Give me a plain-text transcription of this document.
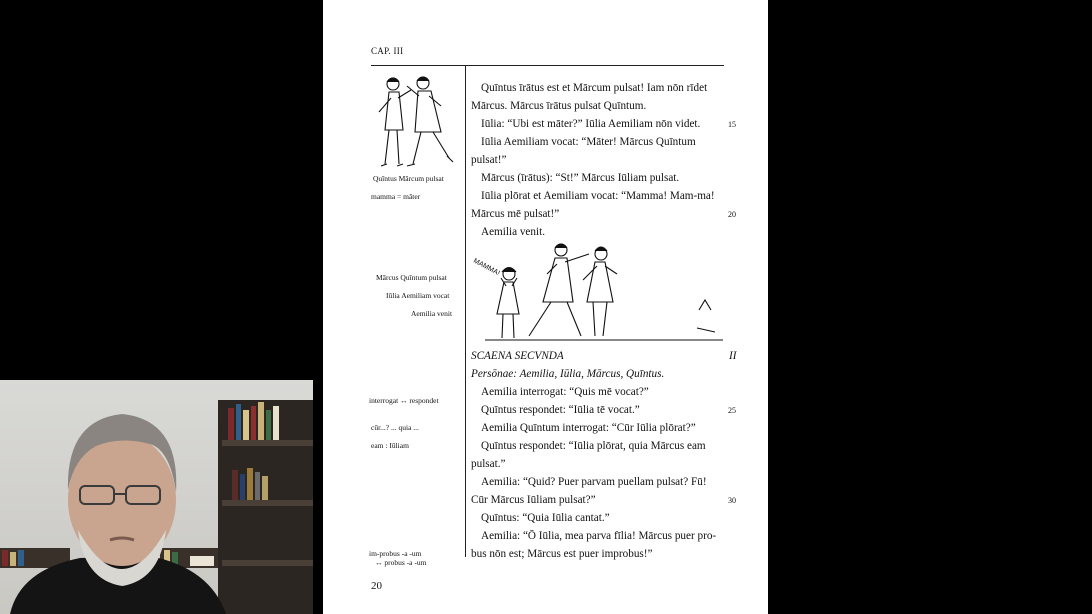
CAP. III
Quīntus īrātus est et Mārcum pulsat! Iam nōn rīdet
Mārcus. Mārcus īrātus pulsat Quīntum.
Iūlia: “Ubi est māter?” Iūlia Aemiliam nōn videt.	15
Iūlia Aemiliam vocat: “Māter! Mārcus Quīntum
pulsat!”
Mārcus (īrātus): “St!” Mārcus Iūliam pulsat.
Iūlia plōrat et Aemiliam vocat: “Mamma! Mam-ma!
Mārcus mē pulsat!”	20
Aemilia venit.
Quīntus Mārcum pulsat
mamma = māter
MAMMA!
Mārcus Quīntum pulsat
Iūlia Aemiliam vocat
Aemilia venit
SCAENA SECVNDA	II
Persōnae: Aemilia, Iūlia, Mārcus, Quīntus.
Aemilia interrogat: “Quis mē vocat?”
Quīntus respondet: “Iūlia tē vocat.”	25
Aemilia Quīntum interrogat: “Cūr Iūlia plōrat?”
Quīntus respondet: “Iūlia plōrat, quia Mārcus eam
pulsat.”
Aemilia: “Quid? Puer parvam puellam pulsat? Fū!
Cūr Mārcus Iūliam pulsat?”	30
Quīntus: “Quia Iūlia cantat.”
Aemilia: “Ō Iūlia, mea parva fīlia! Mārcus puer pro-
bus nōn est; Mārcus est puer improbus!”
interrogat ↔ respondet
cūr...? ... quia ...
eam : Iūliam
im-probus -a -um
↔ probus -a -um
20
